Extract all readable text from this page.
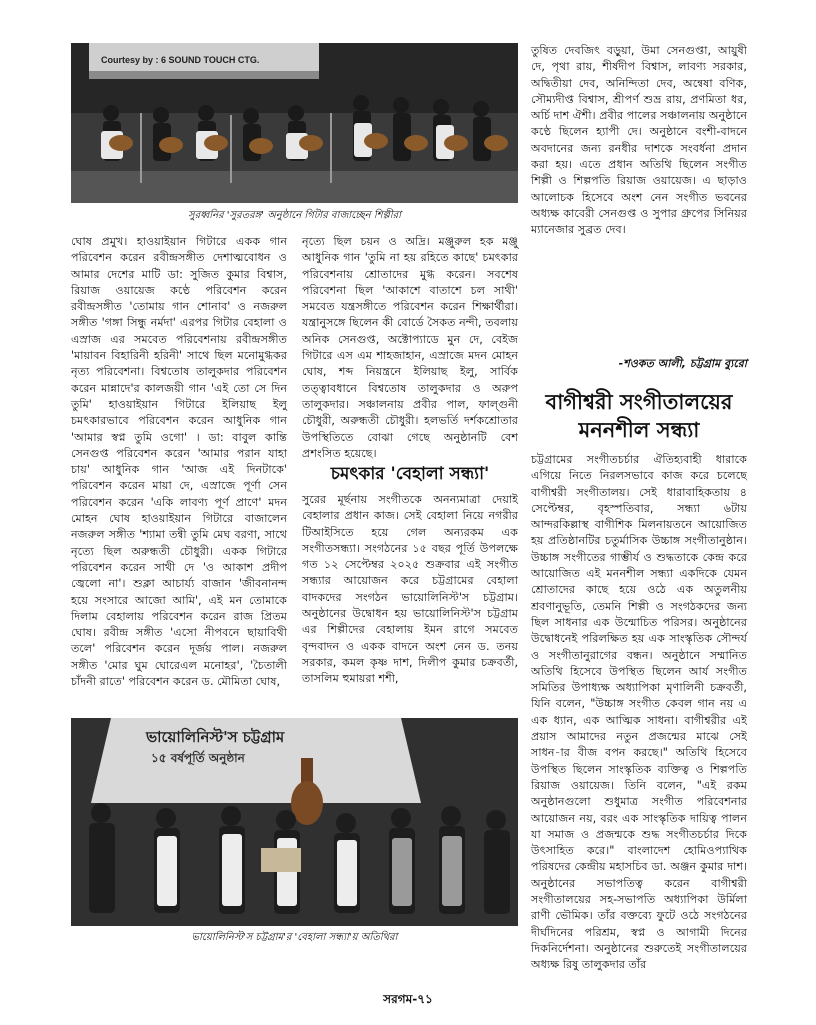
Courtesy by : 6 SOUND TOUCH CTG.
সুরধ্বনির 'সুরতরঙ্গ' অনুষ্ঠানে গিটার বাজাচ্ছেন শিল্পীরা

ঘোষ প্রমুখ। হাওয়াইয়ান গিটারে একক গান পরিবেশন করেন রবীন্দ্রসঙ্গীত দেশাত্মবোধন ও আমার দেশের মাটি ডা: সুজিত কুমার বিশ্বাস, রিয়াজ ওয়ায়েজ কণ্ঠে পরিবেশন করেন রবীন্দ্রসঙ্গীত 'তোমায় গান শোনাব' ও নজরুল সঙ্গীত 'গঙ্গা সিন্ধু নর্মদা' এরপর গিটার বেহালা ও এস্রাজ এর সমবেত পরিবেশনায় রবীন্দ্রসঙ্গীত 'মায়াবন বিহারিনী হরিনী' সাথে ছিল মনোমুগ্ধকর নৃত্য পরিবেশনা। বিশ্বতোষ তালুকদার পরিবেশন করেন মান্নাদে'র কালজয়ী গান 'এই তো সে দিন তুমি' হাওয়াইয়ান গিটারে ইলিয়াছ ইলু চমৎকারভাবে পরিবেশন করেন আধুনিক গান 'আমার স্বপ্ন তুমি ওগো' । ডা: বাবুল কান্তি সেনগুপ্ত পরিবেশন করেন 'আমার পরান যাহা চায়' আধুনিক গান 'আজ এই দিনটাকে' পরিবেশন করেন মায়া দে, এস্রাজে পূর্ণা সেন পরিবেশন করেন 'একি লাবণ্য পূর্ণ প্রাণে' মদন মোহন ঘোষ হাওয়াইয়ান গিটারে বাজালেন নজরুল সঙ্গীত 'শ্যামা তন্বী তুমি মেঘ বরণা, সাথে নৃত্যে ছিল অরুন্ধতী চৌধুরী। একক গিটারে পরিবেশন করেন সাথী দে 'ও আকাশ প্রদীপ জ্বেলো না'। শুক্লা আচার্য্য বাজান 'জীবনানন্দ হয়ে সংসারে আজো আমি', এই মন তোমাকে দিলাম বেহালায় পরিবেশন করেন রাজ প্রিতম ঘোষ। রবীন্দ্র সঙ্গীত 'এসো নীপবনে ছায়াবিথী তলে' পরিবেশন করেন দূর্জয় পাল। নজরুল সঙ্গীত 'মোর ঘুম ঘোরেএল মনোহর', 'চৈতালী চাঁদনী রাতে' পরিবেশন করেন ড. মৌমিতা ঘোষ,

নৃত্যে ছিল চয়ন ও অদ্রি। মঞ্জুরুল হক মঞ্জু আধুনিক গান 'তুমি না হয় রহিতে কাছে' চমৎকার পরিবেশনায় শ্রোতাদের মুগ্ধ করেন। সবশেষ পরিবেশনা ছিল 'আকাশে বাতাশে চল সাথী' সমবেত যন্ত্রসঙ্গীতে পরিবেশন করেন শিক্ষার্থীরা। যন্ত্রানুসঙ্গে ছিলেন কী বোর্ডে সৈকত নন্দী, তবলায় অনিক সেনগুপ্ত, অক্টোপ্যাডে মুন দে, বেইজ গিটারে এস এম শাহজাহান, এস্রাজে মদন মোহন ঘোষ, শব্দ নিয়ন্ত্রনে ইলিয়াছ ইলু, সার্বিক তত্ত্বাবধানে বিশ্বতোষ তালুকদার ও অরুপ তালুকদার। সঞ্চালনায় প্রবীর পাল, ফাল্গুনী চৌধুরী, অরুন্ধতী চৌধুরী। হলভর্তি দর্শকশ্রোতার উপস্থিতিতে বোঝা গেছে অনুষ্ঠানটি বেশ প্রশংসিত হয়েছে।

চমৎকার 'বেহালা সন্ধ্যা'

সুরের মূর্ছনায় সংগীতকে অনন্যমাত্রা দেয়াই বেহালার প্রধান কাজ। সেই বেহালা নিয়ে নগরীর টিআইসিতে হয়ে গেল অন্যরকম এক সংগীতসন্ধ্যা। সংগঠনের ১৫ বছর পূর্তি উপলক্ষে গত ১২ সেপ্টেম্বর ২০২৫ শুক্রবার এই সংগীত সন্ধ্যার আয়োজন করে চট্টগ্রামের বেহালা বাদকদের সংগঠন ভায়োলিনিস্ট'স চট্টগ্রাম। অনুষ্ঠানের উদ্বোধন হয় ভায়োলিনিস্ট'স চট্টগ্রাম এর শিল্পীদের বেহালায় ইমন রাগে সমবেত বৃন্দবাদন ও একক বাদনে অংশ নেন ড. তনয় সরকার, কমল কৃষ্ণ দাশ, দিলীপ কুমার চক্রবর্তী, তাসলিম হুমায়রা শশী,

ভায়োলিনিস্ট'স চট্টগ্রাম
১৫ বর্ষপূর্তি অনুষ্ঠান
ভায়োলিনিস্ট'স চট্টগ্রাম'র 'বেহালা সন্ধ্যা'য় অতিথিরা

তুষিত দেবজিৎ বড়ুয়া, উমা সেনগুপ্তা, আয়ুষী দে, পৃথা রায়, শীর্ষদীপ বিশ্বাস, লাবণ্য সরকার, অদ্বিতীয়া দেব, অনিন্দিতা দেব, অন্বেষা বণিক, সৌম্যদীপ্ত বিশ্বাস, শ্রীপর্ণ শুভ্র রায়, প্রণমিতা ধর, অর্চি দাশ ঐশী। প্রবীর পালের সঞ্চালনায় অনুষ্ঠানে কণ্ঠে ছিলেন হ্যাপী দে। অনুষ্ঠানে বংশী-বাদনে অবদানের জন্য রনধীর দাশকে সংবর্ধনা প্রদান করা হয়। এতে প্রধান অতিথি ছিলেন সংগীত শিল্পী ও শিল্পপতি রিয়াজ ওয়ায়েজ। এ ছাড়াও আলোচক হিসেবে অংশ নেন সংগীত ভবনের অধ্যক্ষ কাবেরী সেনগুপ্ত ও সুপার গ্রুপের সিনিয়র ম্যানেজার সুব্রত দেব।

-শওকত আলী, চট্টগ্রাম ব্যুরো
বাগীশ্বরী সংগীতালয়ের
মননশীল সন্ধ্যা

চট্টগ্রামের সংগীতচর্চার ঐতিহ্যবাহী ধারাকে এগিয়ে নিতে নিরলসভাবে কাজ করে চলেছে বাগীশ্বরী সংগীতালয়। সেই ধারাবাহিকতায় ৪ সেপ্টেম্বর, বৃহস্পতিবার, সন্ধ্যা ৬টায় আন্দরকিল্লাস্থ বাগীশিক মিলনায়তনে আয়োজিত হয় প্রতিষ্ঠানটির চতুর্মাসিক উচ্চাঙ্গ সংগীতানুষ্ঠান। উচ্চাঙ্গ সংগীতের গাম্ভীর্য ও শুদ্ধতাকে কেন্দ্র করে আয়োজিত এই মননশীল সন্ধ্যা একদিকে যেমন শ্রোতাদের কাছে হয়ে ওঠে এক অতুলনীয় শ্রবণানুভূতি, তেমনি শিল্পী ও সংগঠকদের জন্য ছিল সাধনার এক উন্মোচিত পরিসর। অনুষ্ঠানের উদ্বোধনেই পরিলক্ষিত হয় এক সাংস্কৃতিক সৌন্দর্য ও সংগীতানুরাগের বন্ধন। অনুষ্ঠানে সম্মানিত অতিথি হিসেবে উপস্থিত ছিলেন আর্য সংগীত সমিতির উপাধ্যক্ষ অধ্যাপিকা মৃণালিনী চক্রবর্তী, যিনি বলেন, "উচ্চাঙ্গ সংগীত কেবল গান নয় এ এক ধ্যান, এক আত্মিক সাধনা। বাগীশ্বরীর এই প্রয়াস আমাদের নতুন প্রজন্মের মাঝে সেই সাধন-ার বীজ বপন করছে।" অতিথি হিসেবে উপস্থিত ছিলেন সাংস্কৃতিক ব্যক্তিত্ব ও শিল্পপতি রিয়াজ ওয়ায়েজ। তিনি বলেন, "এই রকম অনুষ্ঠানগুলো শুধুমাত্র সংগীত পরিবেশনার আয়োজন নয়, বরং এক সাংস্কৃতিক দায়িত্ব পালন যা সমাজ ও প্রজন্মকে শুদ্ধ সংগীতচর্চার দিকে উৎসাহিত করে।" বাংলাদেশ হোমিওপ্যাথিক পরিষদের কেন্দ্রীয় মহাসচিব ডা. অঞ্জন কুমার দাশ। অনুষ্ঠানের সভাপতিত্ব করেন বাগীশ্বরী সংগীতালয়ের সহ-সভাপতি অধ্যাপিকা উর্মিলা রাণী ভৌমিক। তাঁর বক্তব্যে ফুটে ওঠে সংগঠনের দীর্ঘদিনের পরিশ্রম, স্বপ্ন ও আগামী দিনের দিকনির্দেশনা। অনুষ্ঠানের শুরুতেই সংগীতালয়ের অধ্যক্ষ রিষু তালুকদার তাঁর

সরগম-৭১
